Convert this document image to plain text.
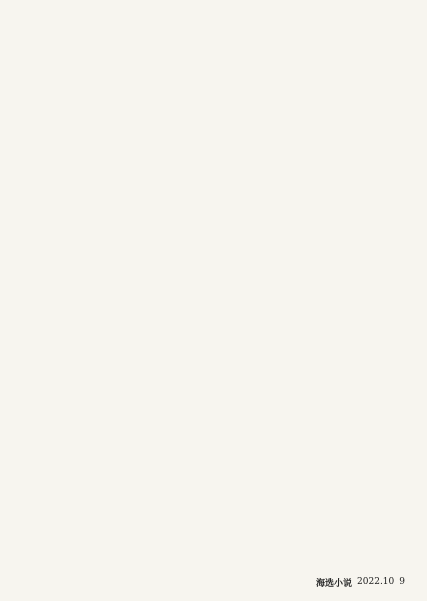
海选小说 2022.10 9
